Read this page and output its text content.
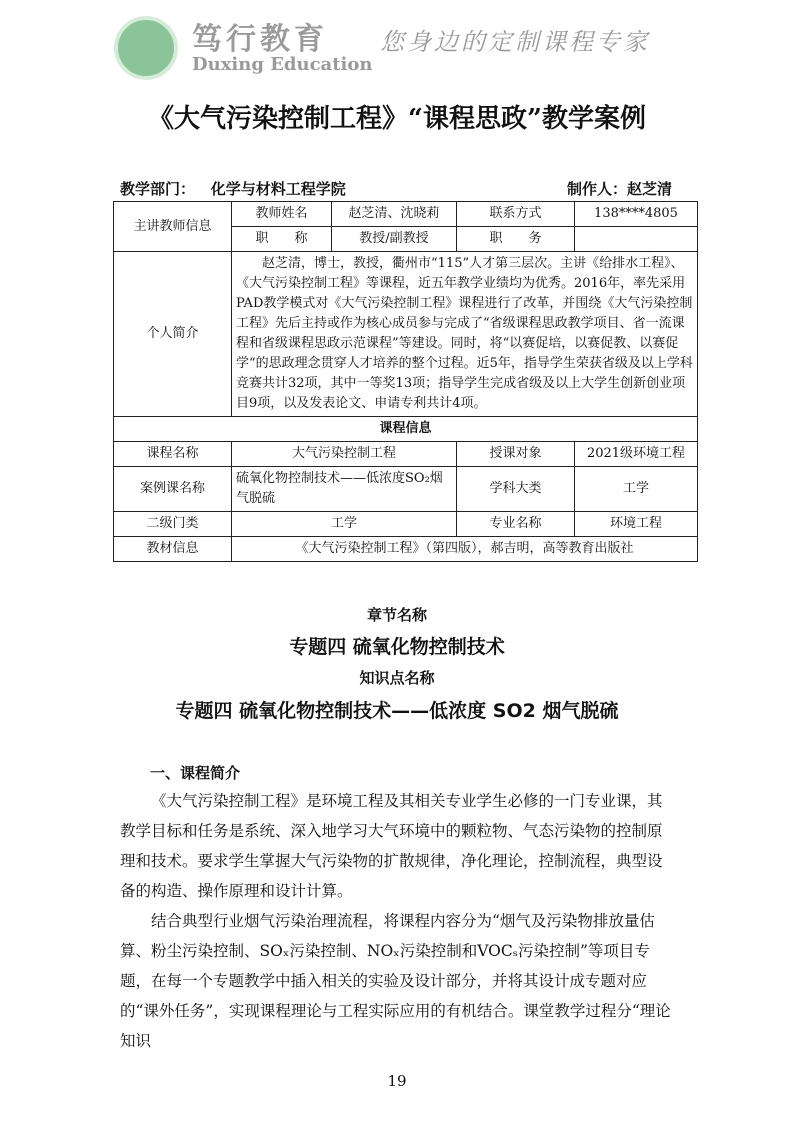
笃行教育 您身边的定制课程专家
Duxing Education
《大气污染控制工程》“课程思政”教学案例
教学部门： 化学与材料工程学院	制作人：赵芝清
主讲教师信息	教师姓名	赵芝清、沈晓莉	联系方式	138****4805
	职　　称	教授/副教授	职　　务	
个人简介	赵芝清，博士，教授，衢州市“115”人才第三层次。主讲《给排水工程》、《大气污染控制工程》等课程，近五年教学业绩均为优秀。2016年，率先采用PAD教学模式对《大气污染控制工程》课程进行了改革，并围绕《大气污染控制工程》先后主持或作为核心成员参与完成了“省级课程思政教学项目、省一流课程和省级课程思政示范课程”等建设。同时，将“以赛促培，以赛促教、以赛促学“的思政理念贯穿人才培养的整个过程。近5年，指导学生荣获省级及以上学科竞赛共计32项，其中一等奖13项；指导学生完成省级及以上大学生创新创业项目9项，以及发表论文、申请专利共计4项。			
课程信息				
课程名称	大气污染控制工程		授课对象	2021级环境工程
案例课名称	硫氧化物控制技术——低浓度SO₂烟气脱硫		学科大类	工学
二级门类	工学		专业名称	环境工程
教材信息	《大气污染控制工程》（第四版），郝吉明，高等教育出版社			
章节名称
专题四 硫氧化物控制技术
知识点名称
专题四 硫氧化物控制技术——低浓度 SO2 烟气脱硫
一、课程简介

《大气污染控制工程》是环境工程及其相关专业学生必修的一门专业课，其教学目标和任务是系统、深入地学习大气环境中的颗粒物、气态污染物的控制原理和技术。要求学生掌握大气污染物的扩散规律，净化理论，控制流程，典型设备的构造、操作原理和设计计算。

结合典型行业烟气污染治理流程，将课程内容分为“烟气及污染物排放量估算、粉尘污染控制、SOₓ污染控制、NOₓ污染控制和VOCₛ污染控制”等项目专题，在每一个专题教学中插入相关的实验及设计部分，并将其设计成专题对应的“课外任务”，实现课程理论与工程实际应用的有机结合。课堂教学过程分“理论知识

19
